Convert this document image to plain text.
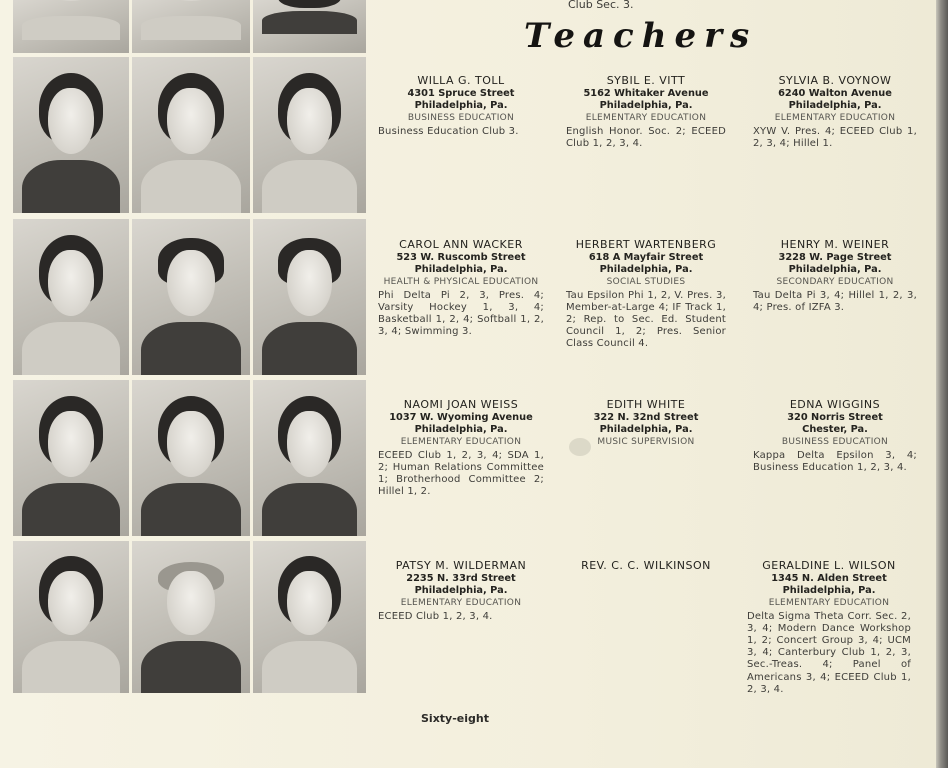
Club Sec. 3.
Teachers
WILLA G. TOLL
4301 Spruce Street
Philadelphia, Pa.
BUSINESS EDUCATION
Business Education Club 3.
SYBIL E. VITT
5162 Whitaker Avenue
Philadelphia, Pa.
ELEMENTARY EDUCATION
English Honor. Soc. 2; ECEED Club 1, 2, 3, 4.
SYLVIA B. VOYNOW
6240 Walton Avenue
Philadelphia, Pa.
ELEMENTARY EDUCATION
XYW V. Pres. 4; ECEED Club 1, 2, 3, 4; Hillel 1.
CAROL ANN WACKER
523 W. Ruscomb Street
Philadelphia, Pa.
HEALTH & PHYSICAL EDUCATION
Phi Delta Pi 2, 3, Pres. 4; Varsity Hockey 1, 3, 4; Basketball 1, 2, 4; Softball 1, 2, 3, 4; Swimming 3.
HERBERT WARTENBERG
618 A Mayfair Street
Philadelphia, Pa.
SOCIAL STUDIES
Tau Epsilon Phi 1, 2, V. Pres. 3, Member-at-Large 4; IF Track 1, 2; Rep. to Sec. Ed. Student Council 1, 2; Pres. Senior Class Council 4.
HENRY M. WEINER
3228 W. Page Street
Philadelphia, Pa.
SECONDARY EDUCATION
Tau Delta Pi 3, 4; Hillel 1, 2, 3, 4; Pres. of IZFA 3.
NAOMI JOAN WEISS
1037 W. Wyoming Avenue
Philadelphia, Pa.
ELEMENTARY EDUCATION
ECEED Club 1, 2, 3, 4; SDA 1, 2; Human Relations Committee 1; Brotherhood Committee 2; Hillel 1, 2.
EDITH WHITE
322 N. 32nd Street
Philadelphia, Pa.
MUSIC SUPERVISION
EDNA WIGGINS
320 Norris Street
Chester, Pa.
BUSINESS EDUCATION
Kappa Delta Epsilon 3, 4; Business Education 1, 2, 3, 4.
PATSY M. WILDERMAN
2235 N. 33rd Street
Philadelphia, Pa.
ELEMENTARY EDUCATION
ECEED Club 1, 2, 3, 4.
REV. C. C. WILKINSON	GERALDINE L. WILSON
1345 N. Alden Street
Philadelphia, Pa.
ELEMENTARY EDUCATION
Delta Sigma Theta Corr. Sec. 2, 3, 4; Modern Dance Workshop 1, 2; Concert Group 3, 4; UCM 3, 4; Canterbury Club 1, 2, 3, Sec.-Treas. 4; Panel of Americans 3, 4; ECEED Club 1, 2, 3, 4.
Sixty-eight
